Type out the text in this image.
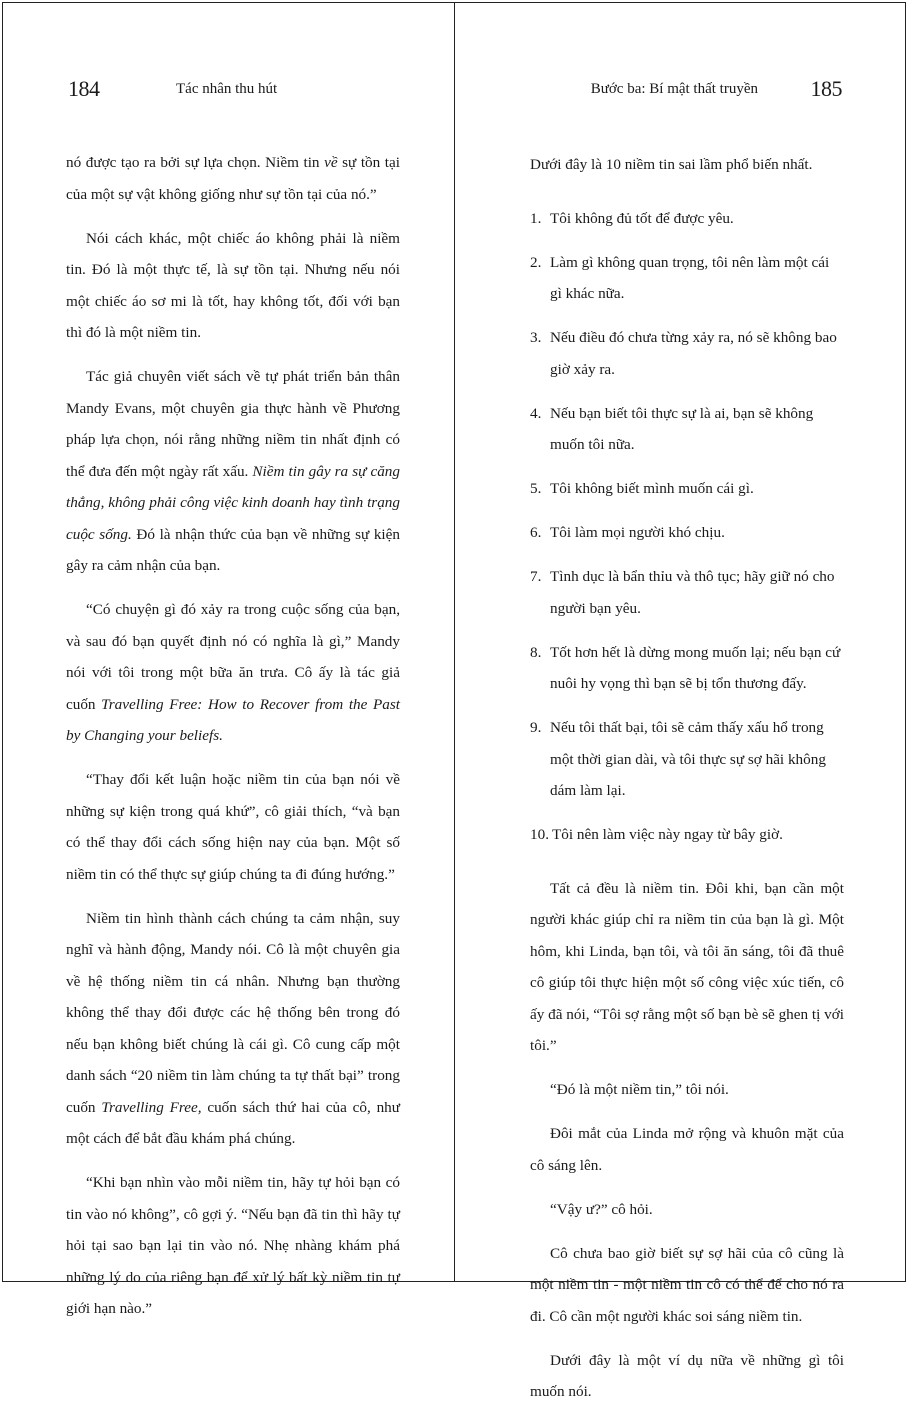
184	Tác nhân thu hút

nó được tạo ra bởi sự lựa chọn. Niềm tin về sự tồn tại của một sự vật không giống như sự tồn tại của nó.”

Nói cách khác, một chiếc áo không phải là niềm tin. Đó là một thực tế, là sự tồn tại. Nhưng nếu nói một chiếc áo sơ mi là tốt, hay không tốt, đối với bạn thì đó là một niềm tin.

Tác giả chuyên viết sách về tự phát triển bản thân Mandy Evans, một chuyên gia thực hành về Phương pháp lựa chọn, nói rằng những niềm tin nhất định có thể đưa đến một ngày rất xấu. Niềm tin gây ra sự căng thẳng, không phải công việc kinh doanh hay tình trạng cuộc sống. Đó là nhận thức của bạn về những sự kiện gây ra cảm nhận của bạn.

“Có chuyện gì đó xảy ra trong cuộc sống của bạn, và sau đó bạn quyết định nó có nghĩa là gì,” Mandy nói với tôi trong một bữa ăn trưa. Cô ấy là tác giả cuốn Travelling Free: How to Recover from the Past by Changing your beliefs.

“Thay đổi kết luận hoặc niềm tin của bạn nói về những sự kiện trong quá khứ”, cô giải thích, “và bạn có thể thay đổi cách sống hiện nay của bạn. Một số niềm tin có thể thực sự giúp chúng ta đi đúng hướng.”

Niềm tin hình thành cách chúng ta cảm nhận, suy nghĩ và hành động, Mandy nói. Cô là một chuyên gia về hệ thống niềm tin cá nhân. Nhưng bạn thường không thể thay đổi được các hệ thống bên trong đó nếu bạn không biết chúng là cái gì. Cô cung cấp một danh sách “20 niềm tin làm chúng ta tự thất bại” trong cuốn Travelling Free, cuốn sách thứ hai của cô, như một cách để bắt đầu khám phá chúng.

“Khi bạn nhìn vào mỗi niềm tin, hãy tự hỏi bạn có tin vào nó không”, cô gợi ý. “Nếu bạn đã tin thì hãy tự hỏi tại sao bạn lại tin vào nó. Nhẹ nhàng khám phá những lý do của riêng bạn để xử lý bất kỳ niềm tin tự giới hạn nào.”

Bước ba: Bí mật thất truyền 185

Dưới đây là 10 niềm tin sai lầm phổ biến nhất.

1. Tôi không đủ tốt để được yêu.
2. Làm gì không quan trọng, tôi nên làm một cái gì khác nữa.
3. Nếu điều đó chưa từng xảy ra, nó sẽ không bao giờ xảy ra.
4. Nếu bạn biết tôi thực sự là ai, bạn sẽ không muốn tôi nữa.
5. Tôi không biết mình muốn cái gì.
6. Tôi làm mọi người khó chịu.
7. Tình dục là bẩn thỉu và thô tục; hãy giữ nó cho người bạn yêu.
8. Tốt hơn hết là dừng mong muốn lại; nếu bạn cứ nuôi hy vọng thì bạn sẽ bị tổn thương đấy.
9. Nếu tôi thất bại, tôi sẽ cảm thấy xấu hổ trong một thời gian dài, và tôi thực sự sợ hãi không dám làm lại.
10. Tôi nên làm việc này ngay từ bây giờ.

Tất cả đều là niềm tin. Đôi khi, bạn cần một người khác giúp chỉ ra niềm tin của bạn là gì. Một hôm, khi Linda, bạn tôi, và tôi ăn sáng, tôi đã thuê cô giúp tôi thực hiện một số công việc xúc tiến, cô ấy đã nói, “Tôi sợ rằng một số bạn bè sẽ ghen tị với tôi.”

“Đó là một niềm tin,” tôi nói.

Đôi mắt của Linda mở rộng và khuôn mặt của cô sáng lên.

“Vậy ư?” cô hỏi.

Cô chưa bao giờ biết sự sợ hãi của cô cũng là một niềm tin - một niềm tin cô có thể để cho nó ra đi. Cô cần một người khác soi sáng niềm tin.

Dưới đây là một ví dụ nữa về những gì tôi muốn nói.
